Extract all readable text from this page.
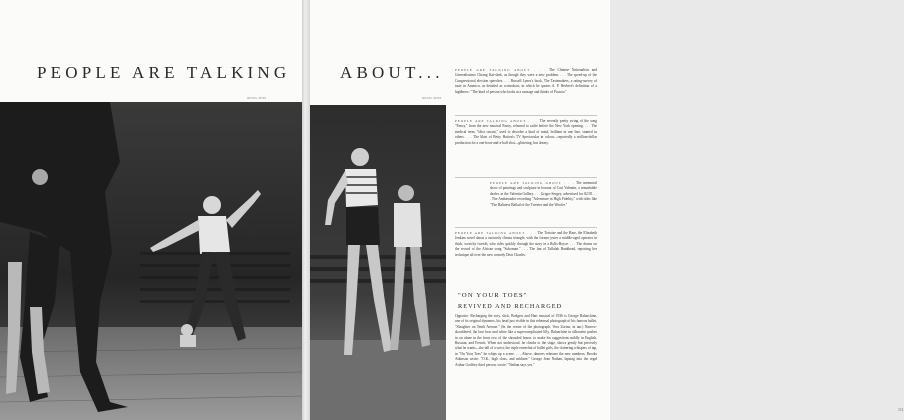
PEOPLE ARE TALKING
IRVING PENN
ABOUT...
IRVING PENN
PEOPLE ARE TALKING ABOUT . . . The Chinese Nationalists and Generalissimo Chiang Kai-shek, as though they were a new problem. . . . The speed-up of the Congressional election speeches. . . . Russell Lynes's book, The Tastemakers, a rating-survey of taste in America, as detailed as scrimshaw, in which he quotes A. P. Herbert's definition of a highbrow: "The kind of person who looks at a sausage and thinks of Picasso."
PEOPLE ARE TALKING ABOUT . . . The recently pretty swing of the song "Fancy," from the new musical Fancy, released to radio before the New York opening. . . . The medical term, "idiot savant," used to describe a kind of mind, brilliant in one line, stunted in others. . . . The blast of Betty Hutton's TV Spectacular in colour—reportedly a million-dollar production for a one-hour-and-a-half shot—glittering, but dreary.
PEOPLE ARE TALKING ABOUT . . . The memorial show of paintings and sculpture in honour of Curt Valentin, a remarkable dealer, at the Valentin Gallery. . . . Grigor-Sergey, advertised for $2.95. . . . The Ambassador recording "Adventure in High Fidelity," with titles like "The Balinese Ballad of the Tweeter and the Woofer."
PEOPLE ARE TALKING ABOUT . . . The Tortoise and the Hare, the Elizabeth Jenkins novel about a curiously climax triangle, with the former jester a middle-aged operator in thick, scratchy tweeds, who rides quickly through the story in a Rolls-Royce. . . . The drums on the record of the African song "Sokoman." . . . The fun of Tallulah Bankhead, reporting her technique all over the new comedy Dear Charles.
"ON YOUR TOES"
REVIVED AND RECHARGED
Opposite: Recharging the racy, slick, Rodgers and Hart musical of 1936 is George Balanchine, one of its original dynamos, his head just visible in this rehearsal photograph of his famous ballet, "Slaughter on Tenth Avenue." (In the centre of the photograph, Vera Zorina, in tan.) Narrow-shouldered, the lace bow and white like a supercomplicated lilly, Balanchine in silhouette pushes in on alone in the front row of the shrouded house, to make his suggestions mildly in English, Russian, and French. When not understood, he climbs to the stage, shows gently but precisely what he wants—the fall of a wrist, the triple entrechat of ballet girls, the clattering whispers of tap, in "On Your Toes" he whips up a scene. . . . Above, dancers rehearse the new numbers; Brooks Atkinson wrote: "O.K., high class, and sublime." George Jean Nathan, lapsing into the regal Arthur Godfrey third person, wrote: "Nathan says yes."
111
